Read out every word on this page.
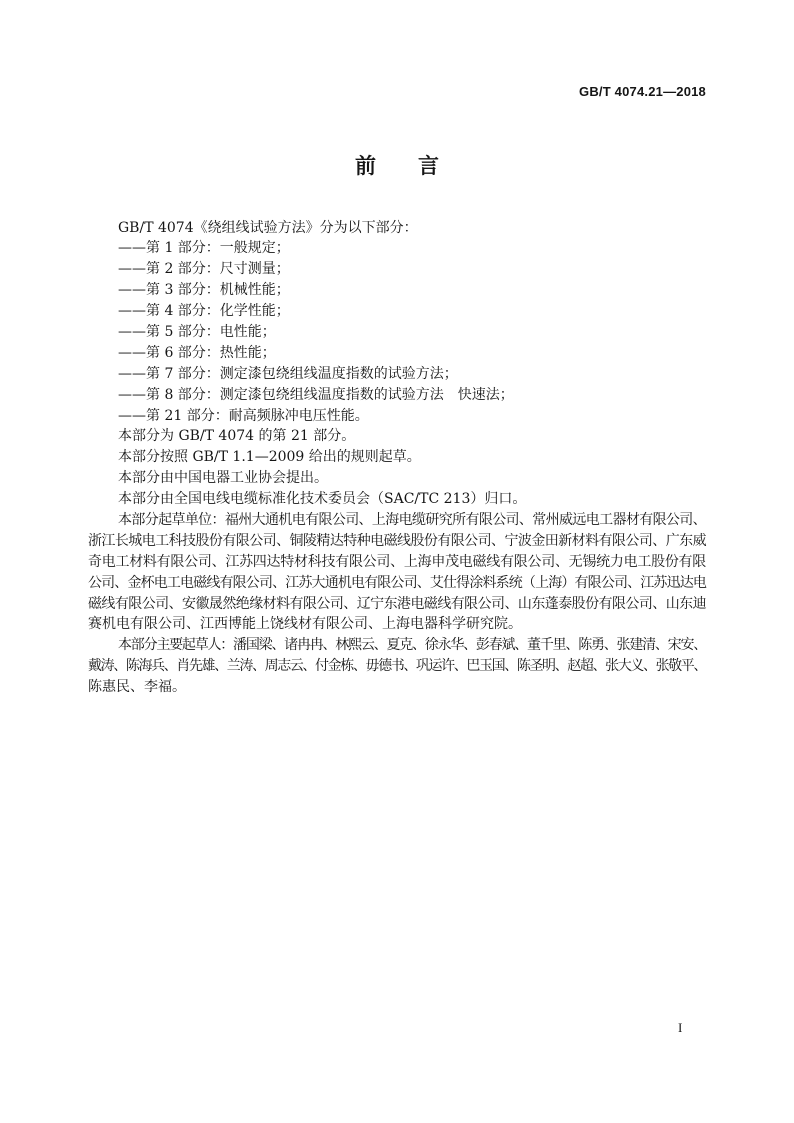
GB/T 4074.21—2018
前言
GB/T 4074《绕组线试验方法》分为以下部分：
——第 1 部分：一般规定；
——第 2 部分：尺寸测量；
——第 3 部分：机械性能；
——第 4 部分：化学性能；
——第 5 部分：电性能；
——第 6 部分：热性能；
——第 7 部分：测定漆包绕组线温度指数的试验方法；
——第 8 部分：测定漆包绕组线温度指数的试验方法　快速法；
——第 21 部分：耐高频脉冲电压性能。
本部分为 GB/T 4074 的第 21 部分。
本部分按照 GB/T 1.1—2009 给出的规则起草。
本部分由中国电器工业协会提出。
本部分由全国电线电缆标准化技术委员会（SAC/TC 213）归口。
本部分起草单位：福州大通机电有限公司、上海电缆研究所有限公司、常州威远电工器材有限公司、
浙江长城电工科技股份有限公司、铜陵精达特种电磁线股份有限公司、宁波金田新材料有限公司、广东威
奇电工材料有限公司、江苏四达特材科技有限公司、上海申茂电磁线有限公司、无锡统力电工股份有限
公司、金杯电工电磁线有限公司、江苏大通机电有限公司、艾仕得涂料系统（上海）有限公司、江苏迅达电
磁线有限公司、安徽晟然绝缘材料有限公司、辽宁东港电磁线有限公司、山东蓬泰股份有限公司、山东迪
赛机电有限公司、江西博能上饶线材有限公司、上海电器科学研究院。
本部分主要起草人：潘国梁、诸冉冉、林熙云、夏克、徐永华、彭春斌、董千里、陈勇、张建清、宋安、
戴涛、陈海兵、肖先雄、兰涛、周志云、付金栋、毋德书、巩运许、巴玉国、陈圣明、赵超、张大义、张敬平、
陈惠民、李福。
I
